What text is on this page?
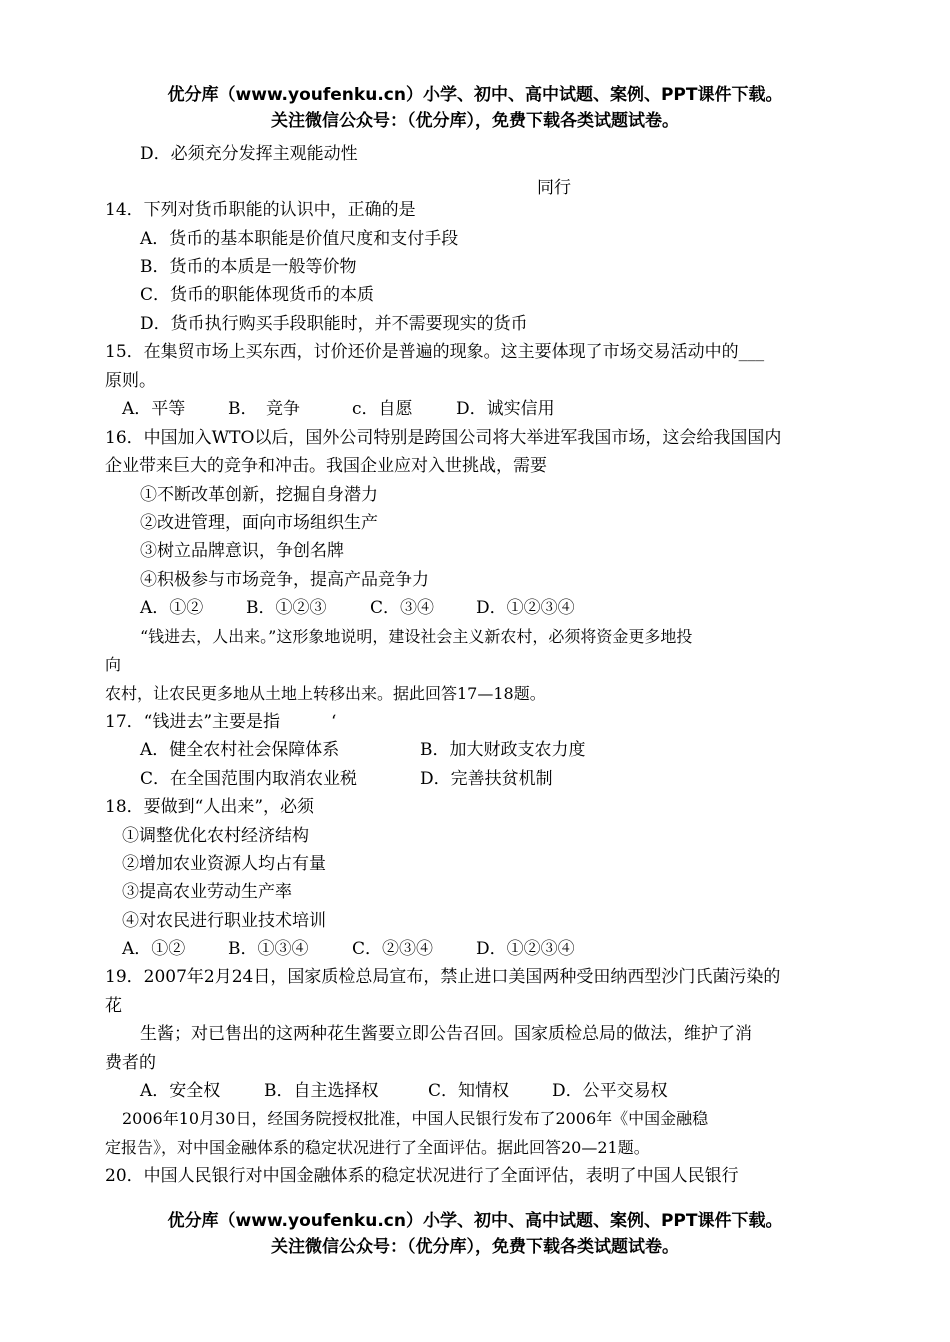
优分库（www.youfenku.cn）小学、初中、高中试题、案例、PPT课件下载。
关注微信公众号：（优分库），免费下载各类试题试卷。
D．必须充分发挥主观能动性
同行
14．下列对货币职能的认识中，正确的是
A．货币的基本职能是价值尺度和支付手段
B．货币的本质是一般等价物
C．货币的职能体现货币的本质
D．货币执行购买手段职能时，并不需要现实的货币
15．在集贸市场上买东西，讨价还价是普遍的现象。这主要体现了市场交易活动中的___
原则。
A．平等	B．　竞争	c．自愿	D．诚实信用
16．中国加入WTO以后，国外公司特别是跨国公司将大举进军我国市场，这会给我国国内
企业带来巨大的竞争和冲击。我国企业应对入世挑战，需要
①不断改革创新，挖掘自身潜力
②改进管理，面向市场组织生产
③树立品牌意识，争创名牌
④积极参与市场竞争，提高产品竞争力
A．①②	B．①②③	C．③④ D．①②③④
“钱进去，人出来。”这形象地说明，建设社会主义新农村，必须将资金更多地投
向
农村，让农民更多地从土地上转移出来。据此回答17—18题。
17．“钱进去”主要是指　　　‘
A．健全农村社会保障体系	B．加大财政支农力度
C．在全国范围内取消农业税	D．完善扶贫机制
18．要做到“人出来”，必须
①调整优化农村经济结构
②增加农业资源人均占有量
③提高农业劳动生产率
④对农民进行职业技术培训
A．①②	B．①③④	C．②③④	D．①②③④
19．2007年2月24日，国家质检总局宣布，禁止进口美国两种受田纳西型沙门氏菌污染的
花
生酱；对已售出的这两种花生酱要立即公告召回。国家质检总局的做法，维护了消
费者的
A．安全权	B．自主选择权	C．知情权	D．公平交易权
2006年10月30日，经国务院授权批准，中国人民银行发布了2006年《中国金融稳
定报告》，对中国金融体系的稳定状况进行了全面评估。据此回答20—21题。
20．中国人民银行对中国金融体系的稳定状况进行了全面评估，表明了中国人民银行
优分库（www.youfenku.cn）小学、初中、高中试题、案例、PPT课件下载。
关注微信公众号：（优分库），免费下载各类试题试卷。
